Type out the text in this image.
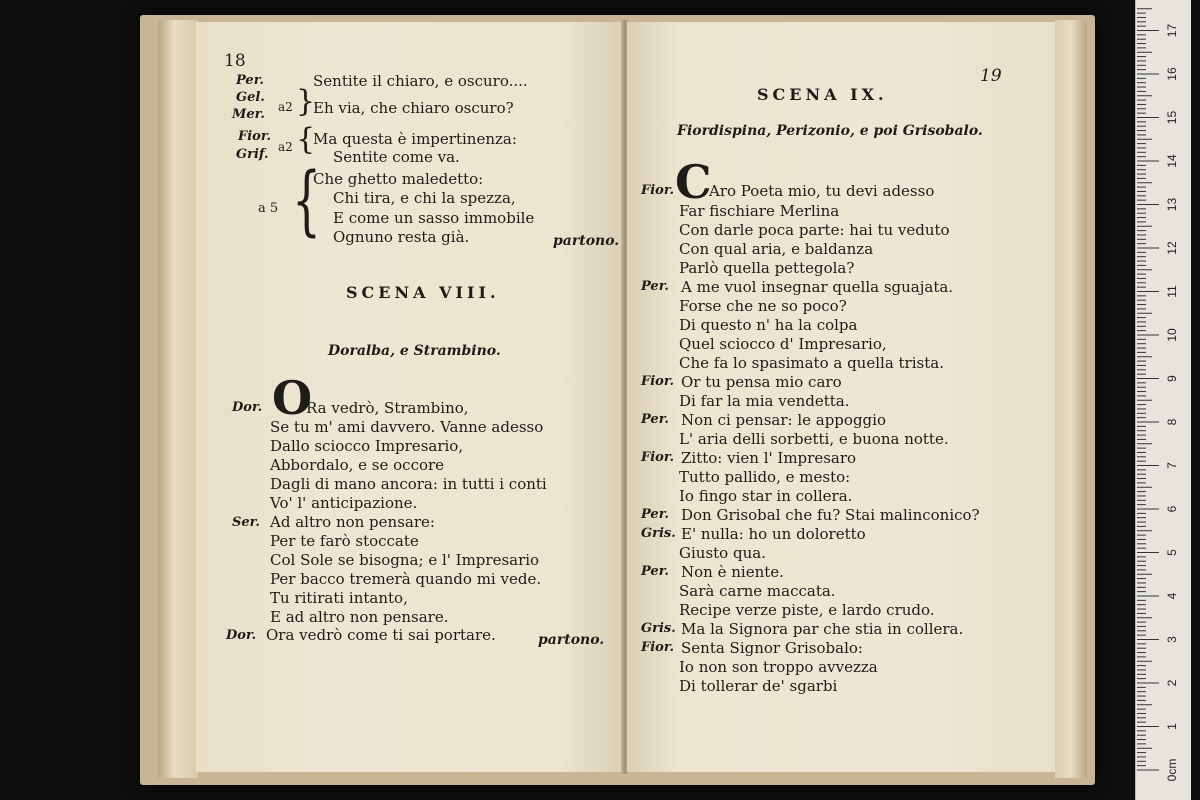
18
Per.	Sentite il chiaro, e oscuro....
Gel.
Mer. a2 }
Eh via, che chiaro oscuro?
Fior.
Grif. a2 {
Ma questa è impertinenza:
Sentite come va.
a 5 {
Che ghetto maledetto:
Chi tira, e chi la spezza,
E come un sasso immobile
Ognuno resta già.	partono.
SCENA VIII.
Doralba, e Strambino.
Dor. O
Ra vedrò, Strambino,
Se tu m' ami davvero. Vanne adesso
Dallo sciocco Impresario,
Abbordalo, e se occore
Dagli di mano ancora: in tutti i conti
Vo' l' anticipazione.
Ser. Ad altro non pensare:
Per te farò stoccate
Col Sole se bisogna; e l' Impresario
Per bacco tremerà quando mi vede.
Tu ritirati intanto,
E ad altro non pensare.
Dor. Ora vedrò come ti sai portare.	partono.
19
SCENA IX.
Fiordispina, Perizonio, e poi Grisobalo.
Fior. C
Aro Poeta mio, tu devi adesso
Far fischiare Merlina
Con darle poca parte: hai tu veduto
Con qual aria, e baldanza
Parlò quella pettegola?
Per. A me vuol insegnar quella sguajata.
Forse che ne so poco?
Di questo n' ha la colpa
Quel sciocco d' Impresario,
Che fa lo spasimato a quella trista.
Fior. Or tu pensa mio caro
Di far la mia vendetta.
Per. Non ci pensar: le appoggio
L' aria delli sorbetti, e buona notte.
Fior. Zitto: vien l' Impresaro
Tutto pallido, e mesto:
Io fingo star in collera.
Per. Don Grisobal che fu? Stai malinconico?
Gris. E' nulla: ho un doloretto
Giusto qua.
Per. Non è niente.
Sarà carne maccata.
Recipe verze piste, e lardo crudo.
Gris. Ma la Signora par che stia in collera.
Fior. Senta Signor Grisobalo:
Io non son troppo avvezza
Di tollerar de' sgarbi
0cm
1
2
3
4
5
6
7
8
9
10
11
12
13
14
15
16
17
